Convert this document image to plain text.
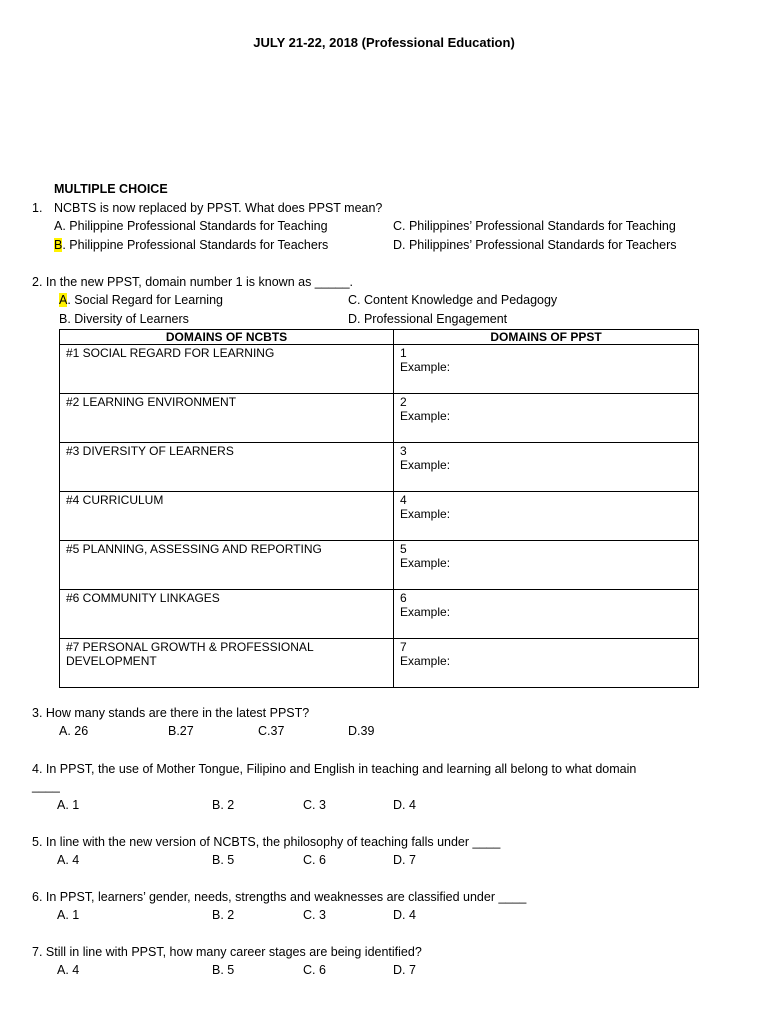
JULY 21-22, 2018 (Professional Education)
MULTIPLE CHOICE
1. NCBTS is now replaced by PPST. What does PPST mean?
A. Philippine Professional Standards for Teaching
B. Philippine Professional Standards for Teachers
C. Philippines’ Professional Standards for Teaching
D. Philippines’ Professional Standards for Teachers
2. In the new PPST, domain number 1 is known as _____.
A. Social Regard for Learning
B. Diversity of Learners
C. Content Knowledge and Pedagogy
D. Professional Engagement
DOMAINS OF NCBTS	DOMAINS OF PPST
#1 SOCIAL REGARD FOR LEARNING	1
Example:

#2 LEARNING ENVIRONMENT	2
Example:

#3 DIVERSITY OF LEARNERS	3
Example:

#4 CURRICULUM	4
Example:

#5 PLANNING, ASSESSING AND REPORTING	5
Example:

#6 COMMUNITY LINKAGES	6
Example:

#7 PERSONAL GROWTH & PROFESSIONAL
DEVELOPMENT	7
Example:
3. How many stands are there in the latest PPST?
A. 26	B.27	C.37	D.39
4. In PPST, the use of Mother Tongue, Filipino and English in teaching and learning all belong to what domain
____
A. 1	B. 2	C. 3	D. 4
5. In line with the new version of NCBTS, the philosophy of teaching falls under ____
A. 4	B. 5	C. 6	D. 7
6. In PPST, learners’ gender, needs, strengths and weaknesses are classified under ____
A. 1	B. 2	C. 3	D. 4
7. Still in line with PPST, how many career stages are being identified?
A. 4	B. 5	C. 6	D. 7
